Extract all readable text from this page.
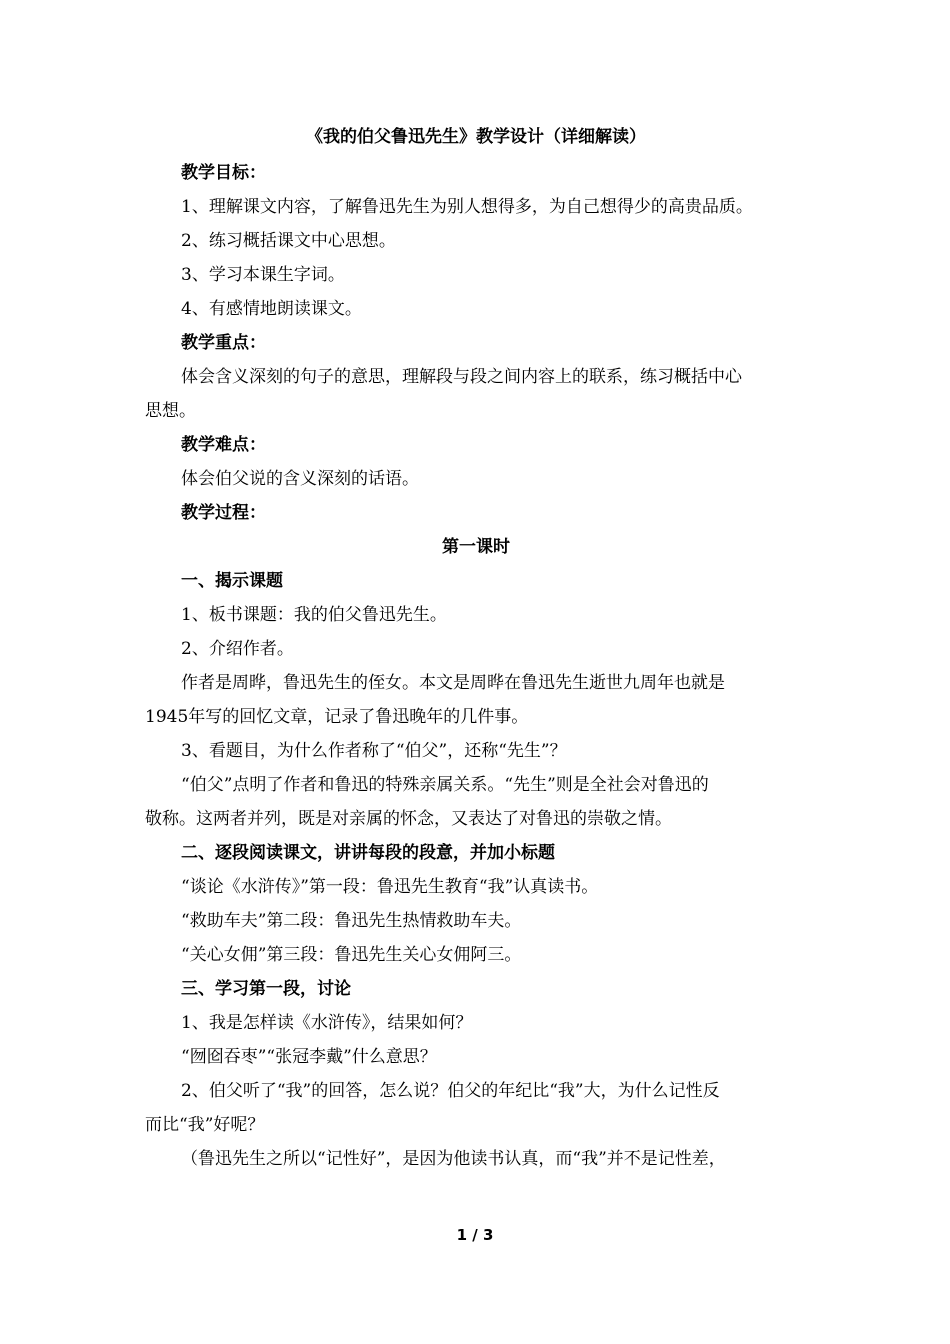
《我的伯父鲁迅先生》教学设计（详细解读）
教学目标：
1、理解课文内容，了解鲁迅先生为别人想得多，为自己想得少的高贵品质。
2、练习概括课文中心思想。
3、学习本课生字词。
4、有感情地朗读课文。
教学重点：
体会含义深刻的句子的意思，理解段与段之间内容上的联系，练习概括中心
思想。
教学难点：
体会伯父说的含义深刻的话语。
教学过程：
第一课时
一、揭示课题
1、板书课题：我的伯父鲁迅先生。
2、介绍作者。
作者是周晔，鲁迅先生的侄女。本文是周晔在鲁迅先生逝世九周年也就是
1945年写的回忆文章，记录了鲁迅晚年的几件事。
3、看题目，为什么作者称了“伯父”，还称“先生”？
“伯父”点明了作者和鲁迅的特殊亲属关系。“先生”则是全社会对鲁迅的
敬称。这两者并列，既是对亲属的怀念，又表达了对鲁迅的崇敬之情。
二、逐段阅读课文，讲讲每段的段意，并加小标题
“谈论《水浒传》”第一段：鲁迅先生教育“我”认真读书。
“救助车夫”第二段：鲁迅先生热情救助车夫。
“关心女佣”第三段：鲁迅先生关心女佣阿三。
三、学习第一段，讨论
1、我是怎样读《水浒传》，结果如何？
“囫囵吞枣”“张冠李戴”什么意思？
2、伯父听了“我”的回答，怎么说？伯父的年纪比“我”大，为什么记性反
而比“我”好呢？
（鲁迅先生之所以“记性好”，是因为他读书认真，而“我”并不是记性差，
1 / 3
